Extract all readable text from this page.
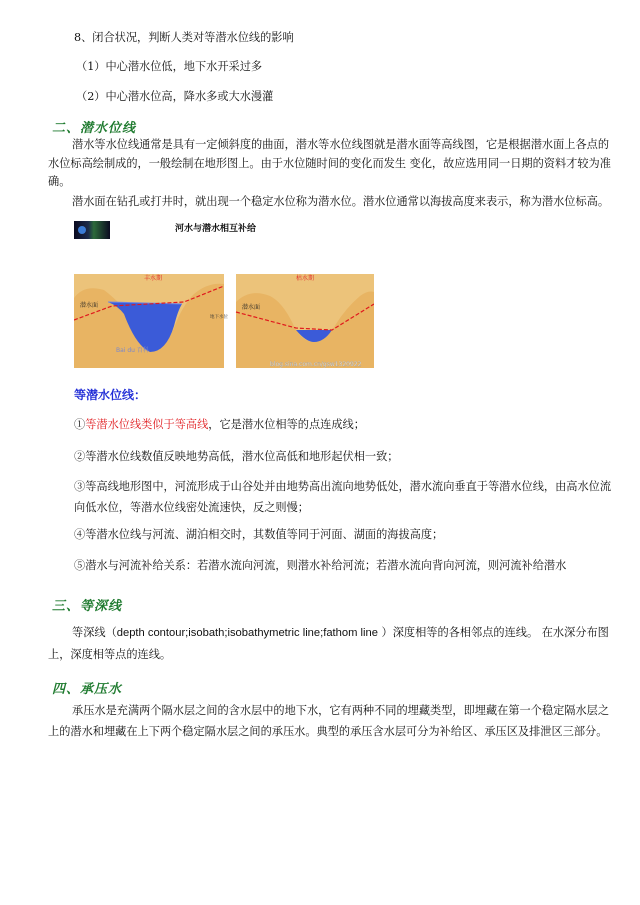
8、闭合状况，判断人类对等潜水位线的影响
（1）中心潜水位低，地下水开采过多
（2）中心潜水位高，降水多或大水漫灌
二、潜水位线
潜水等水位线通常是具有一定倾斜度的曲面，潜水等水位线图就是潜水面等高线图，它是根据潜水面上各点的水位标高绘制成的，一般绘制在地形图上。由于水位随时间的变化而发生 变化，故应选用同一日期的资料才较为准确。
潜水面在钻孔或打井时，就出现一个稳定水位称为潜水位。潜水位通常以海拔高度来表示，称为潜水位标高。
河水与潜水相互补给
丰水期
潜水面
Bai du 百科
地下水位
枯水期
潜水面
blog.sina.com.cn/gsw1320922
等潜水位线：
①等潜水位线类似于等高线，它是潜水位相等的点连成线；
②等潜水位线数值反映地势高低，潜水位高低和地形起伏相一致；
③等高线地形图中，河流形成于山谷处并由地势高出流向地势低处，潜水流向垂直于等潜水位线，由高水位流向低水位，等潜水位线密处流速快，反之则慢；
④等潜水位线与河流、湖泊相交时，其数值等同于河面、湖面的海拔高度；
⑤潜水与河流补给关系：若潜水流向河流，则潜水补给河流；若潜水流向背向河流，则河流补给潜水
三、等深线
等深线（depth contour;isobath;isobathymetric line;fathom line ）深度相等的各相邻点的连线。 在水深分布图上，深度相等点的连线。
四、承压水
承压水是充满两个隔水层之间的含水层中的地下水，它有两种不同的埋藏类型，即埋藏在第一个稳定隔水层之上的潜水和埋藏在上下两个稳定隔水层之间的承压水。典型的承压含水层可分为补给区、承压区及排泄区三部分。
